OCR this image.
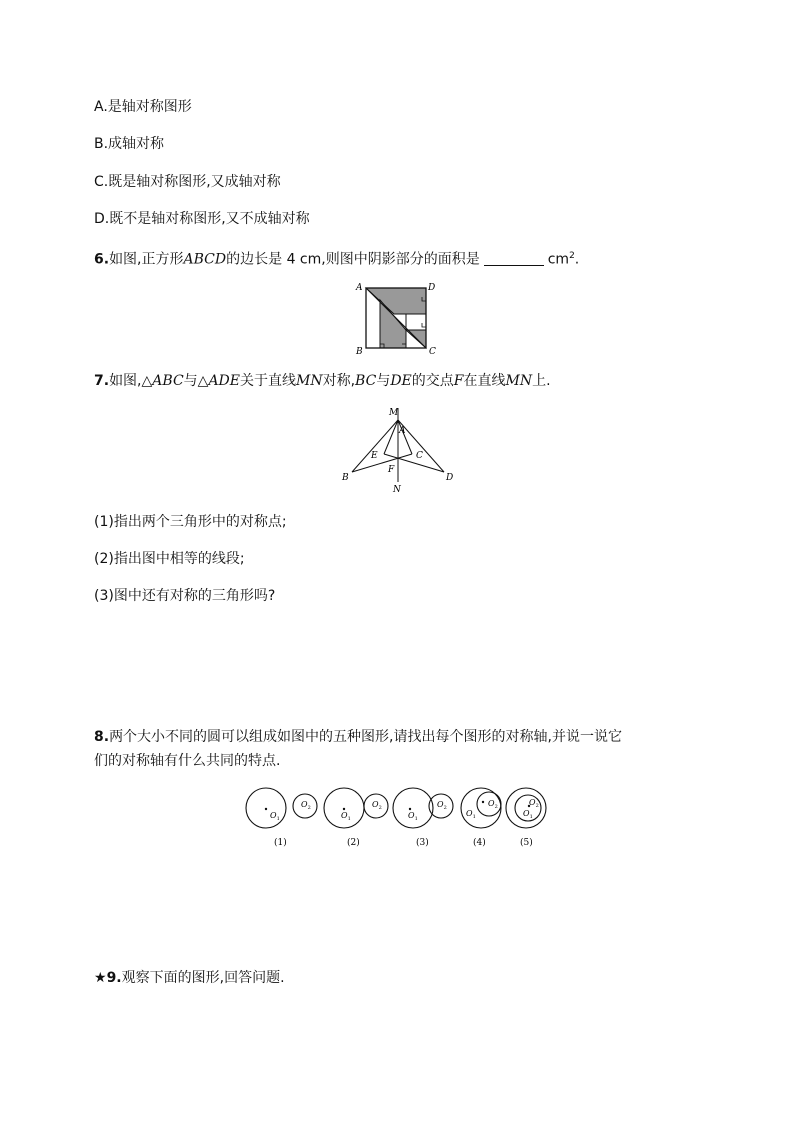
A.是轴对称图形
B.成轴对称
C.既是轴对称图形,又成轴对称
D.既不是轴对称图形,又不成轴对称
6.如图,正方形ABCD的边长是 4 cm,则图中阴影部分的面积是	$cm^2$.
A	D
B	C
7.如图,△ABC与△ADE关于直线MN对称,BC与DE的交点F在直线MN上.
M
A
E	C
F
B	D
N
(1)指出两个三角形中的对称点;
(2)指出图中相等的线段;
(3)图中还有对称的三角形吗?
8.两个大小不同的圆可以组成如图中的五种图形,请找出每个图形的对称轴,并说一说它
们的对称轴有什么共同的特点.
$O_1$
$O_2$
$O_1$
$O_2$
$O_1$
$O_2$
$O_1$
$O_2$
$O_1$
$O_2$
(1)	(2)	(3)	(4)	(5)
★9.观察下面的图形,回答问题.
